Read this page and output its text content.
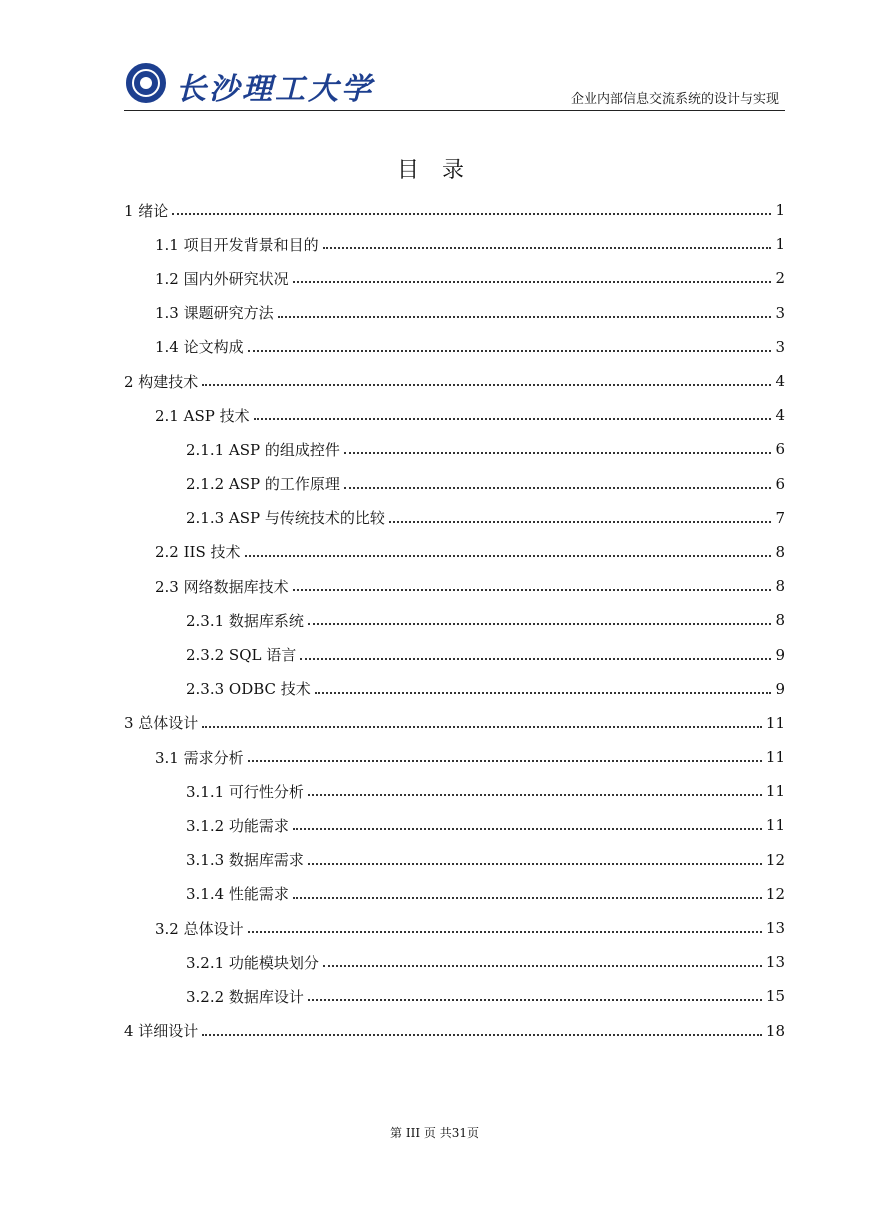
长沙理工大学	企业内部信息交流系统的设计与实现
目 录
1 绪论	1
1.1 项目开发背景和目的	1
1.2 国内外研究状况	2
1.3 课题研究方法	3
1.4 论文构成	3
2 构建技术	4
2.1 ASP 技术	4
2.1.1 ASP 的组成控件	6
2.1.2 ASP 的工作原理	6
2.1.3 ASP 与传统技术的比较	7
2.2 IIS 技术	8
2.3 网络数据库技术	8
2.3.1 数据库系统	8
2.3.2 SQL 语言	9
2.3.3 ODBC 技术	9
3 总体设计	11
3.1 需求分析	11
3.1.1 可行性分析	11
3.1.2 功能需求	11
3.1.3 数据库需求	12
3.1.4 性能需求	12
3.2 总体设计	13
3.2.1 功能模块划分	13
3.2.2 数据库设计	15
4 详细设计	18
第 III 页 共31页
